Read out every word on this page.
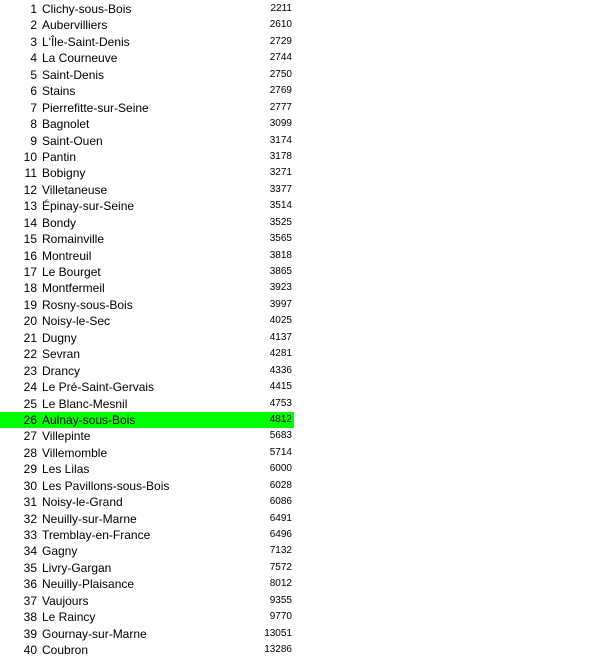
1 Clichy-sous-Bois	2211
2 Aubervilliers	2610
3 L'Île-Saint-Denis	2729
4 La Courneuve	2744
5 Saint-Denis	2750
6 Stains	2769
7 Pierrefitte-sur-Seine	2777
8 Bagnolet	3099
9 Saint-Ouen	3174
10 Pantin	3178
11 Bobigny	3271
12 Villetaneuse	3377
13 Épinay-sur-Seine	3514
14 Bondy	3525
15 Romainville	3565
16 Montreuil	3818
17 Le Bourget	3865
18 Montfermeil	3923
19 Rosny-sous-Bois	3997
20 Noisy-le-Sec	4025
21 Dugny	4137
22 Sevran	4281
23 Drancy	4336
24 Le Pré-Saint-Gervais	4415
25 Le Blanc-Mesnil	4753
26 Aulnay-sous-Bois	4812
27 Villepinte	5683
28 Villemomble	5714
29 Les Lilas	6000
30 Les Pavillons-sous-Bois	6028
31 Noisy-le-Grand	6086
32 Neuilly-sur-Marne	6491
33 Tremblay-en-France	6496
34 Gagny	7132
35 Livry-Gargan	7572
36 Neuilly-Plaisance	8012
37 Vaujours	9355
38 Le Raincy	9770
39 Gournay-sur-Marne	13051
40 Coubron	13286
